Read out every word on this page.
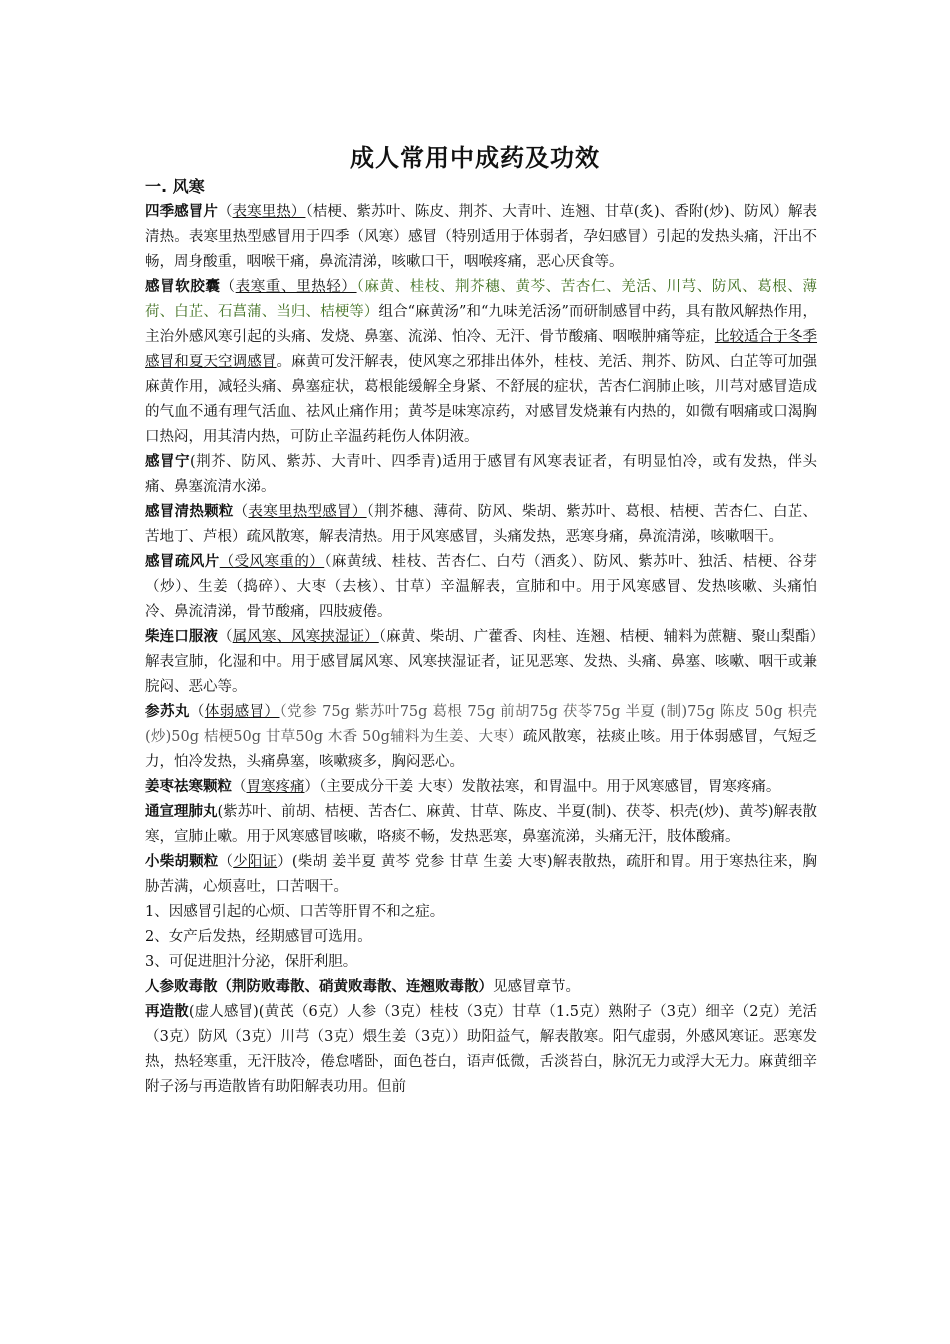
成人常用中成药及功效
一. 风寒

四季感冒片（表寒里热）（桔梗、紫苏叶、陈皮、荆芥、大青叶、连翘、甘草(炙)、香附(炒)、防风）解表清热。表寒里热型感冒用于四季（风寒）感冒（特别适用于体弱者，孕妇感冒）引起的发热头痛，汗出不畅，周身酸重，咽喉干痛，鼻流清涕，咳嗽口干，咽喉疼痛，恶心厌食等。

感冒软胶囊（表寒重、里热轻）（麻黄、桂枝、荆芥穗、黄芩、苦杏仁、羌活、川芎、防风、葛根、薄荷、白芷、石菖蒲、当归、桔梗等）组合“麻黄汤”和“九味羌活汤”而研制感冒中药，具有散风解热作用，主治外感风寒引起的头痛、发烧、鼻塞、流涕、怕冷、无汗、骨节酸痛、咽喉肿痛等症，比较适合于冬季感冒和夏天空调感冒。麻黄可发汗解表，使风寒之邪排出体外，桂枝、羌活、荆芥、防风、白芷等可加强麻黄作用，减轻头痛、鼻塞症状，葛根能缓解全身紧、不舒展的症状，苦杏仁润肺止咳，川芎对感冒造成的气血不通有理气活血、祛风止痛作用；黄芩是味寒凉药，对感冒发烧兼有内热的，如微有咽痛或口渴胸口热闷，用其清内热，可防止辛温药耗伤人体阴液。

感冒宁(荆芥、防风、紫苏、大青叶、四季青)适用于感冒有风寒表证者，有明显怕冷，或有发热，伴头痛、鼻塞流清水涕。

感冒清热颗粒（表寒里热型感冒）（荆芥穗、薄荷、防风、柴胡、紫苏叶、葛根、桔梗、苦杏仁、白芷、苦地丁、芦根）疏风散寒，解表清热。用于风寒感冒，头痛发热，恶寒身痛，鼻流清涕，咳嗽咽干。

感冒疏风片（受风寒重的）（麻黄绒、桂枝、苦杏仁、白芍（酒炙）、防风、紫苏叶、独活、桔梗、谷芽（炒）、生姜（捣碎）、大枣（去核）、甘草）辛温解表，宣肺和中。用于风寒感冒、发热咳嗽、头痛怕冷、鼻流清涕，骨节酸痛，四肢疲倦。

柴连口服液（属风寒、风寒挟湿证）（麻黄、柴胡、广藿香、肉桂、连翘、桔梗、辅料为蔗糖、聚山梨酯）解表宣肺，化湿和中。用于感冒属风寒、风寒挟湿证者，证见恶寒、发热、头痛、鼻塞、咳嗽、咽干或兼脘闷、恶心等。

参苏丸（体弱感冒）（党参 75g 紫苏叶75g 葛根 75g 前胡75g 茯苓75g 半夏 (制)75g 陈皮 50g 枳壳 (炒)50g 桔梗50g 甘草50g 木香 50g辅料为生姜、大枣）疏风散寒，祛痰止咳。用于体弱感冒，气短乏力，怕冷发热，头痛鼻塞，咳嗽痰多，胸闷恶心。

姜枣祛寒颗粒（胃寒疼痛）（主要成分干姜 大枣）发散祛寒，和胃温中。用于风寒感冒，胃寒疼痛。

通宣理肺丸(紫苏叶、前胡、桔梗、苦杏仁、麻黄、甘草、陈皮、半夏(制)、茯苓、枳壳(炒)、黄芩)解表散寒，宣肺止嗽。用于风寒感冒咳嗽，咯痰不畅，发热恶寒，鼻塞流涕，头痛无汗，肢体酸痛。

小柴胡颗粒（少阳证）(柴胡 姜半夏 黄芩 党参 甘草 生姜 大枣)解表散热，疏肝和胃。用于寒热往来，胸胁苦满，心烦喜吐，口苦咽干。

1、因感冒引起的心烦、口苦等肝胃不和之症。

2、女产后发热，经期感冒可选用。

3、可促进胆汁分泌，保肝利胆。

人参败毒散（荆防败毒散、硝黄败毒散、连翘败毒散）见感冒章节。

再造散(虚人感冒)(黄芪（6克）人参（3克）桂枝（3克）甘草（1.5克）熟附子（3克）细辛（2克）羌活（3克）防风（3克）川芎（3克）煨生姜（3克））助阳益气，解表散寒。阳气虚弱，外感风寒证。恶寒发热，热轻寒重，无汗肢冷，倦怠嗜卧，面色苍白，语声低微，舌淡苔白，脉沉无力或浮大无力。麻黄细辛附子汤与再造散皆有助阳解表功用。但前
